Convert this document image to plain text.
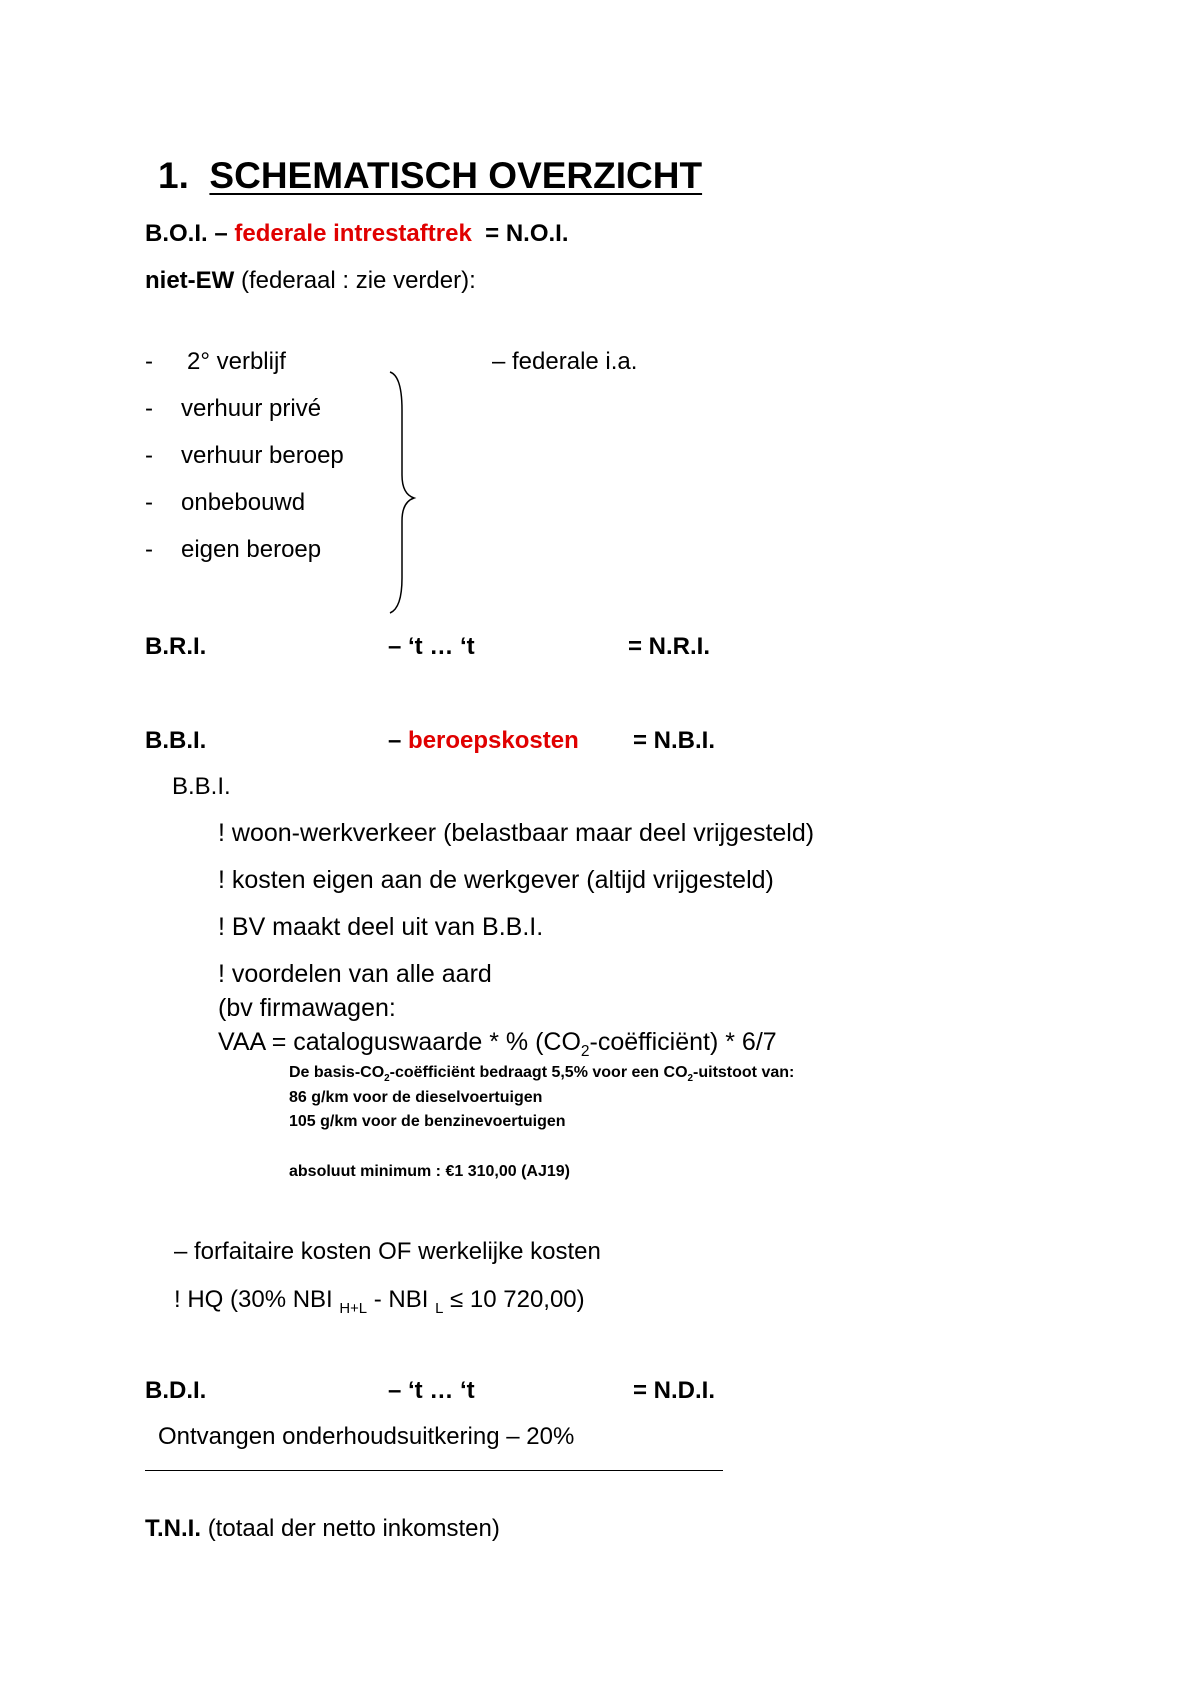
1. SCHEMATISCH OVERZICHT
B.O.I. – federale intrestaftrek = N.O.I.
niet-EW (federaal : zie verder):
- 2° verblijf
- verhuur privé
- verhuur beroep
- onbebouwd
- eigen beroep
– federale i.a.
B.R.I.	– ‘t … ‘t	= N.R.I.
B.B.I.	– beroepskosten = N.B.I.
B.B.I.
! woon-werkverkeer (belastbaar maar deel vrijgesteld)
! kosten eigen aan de werkgever (altijd vrijgesteld)
! BV maakt deel uit van B.B.I.
! voordelen van alle aard
(bv firmawagen:
VAA = cataloguswaarde * % $(CO_2-coëfficiënt) * 6/7$
De basis-$CO_2$-coëfficiënt bedraagt 5,5% voor een $CO_2$-uitstoot van:
86 g/km voor de dieselvoertuigen
105 g/km voor de benzinevoertuigen
absoluut minimum : €1 310,00 (AJ19)
– forfaitaire kosten OF werkelijke kosten
! HQ (30% NBI $_{H+L}$ - NBI $_L$ ≤ 10 720,00)
B.D.I.	– ‘t … ‘t	= N.D.I.
Ontvangen onderhoudsuitkering – 20%
T.N.I. (totaal der netto inkomsten)
